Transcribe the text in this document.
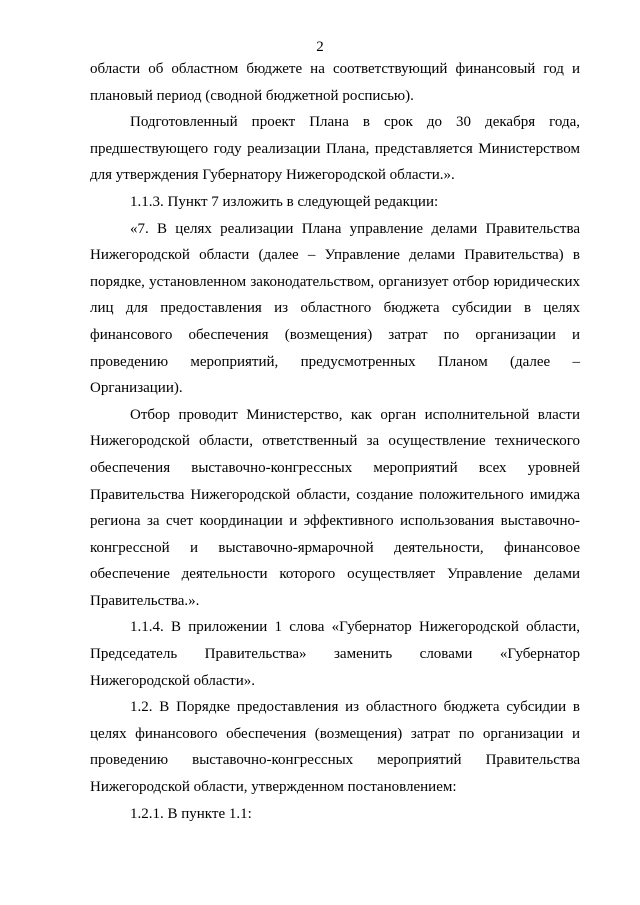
2

области об областном бюджете на соответствующий финансовый год и плановый период (сводной бюджетной росписью).

Подготовленный проект Плана в срок до 30 декабря года, предшествующего году реализации Плана, представляется Министерством для утверждения Губернатору Нижегородской области.».

1.1.3. Пункт 7 изложить в следующей редакции:

«7. В целях реализации Плана управление делами Правительства Нижегородской области (далее – Управление делами Правительства) в порядке, установленном законодательством, организует отбор юридических лиц для предоставления из областного бюджета субсидии в целях финансового обеспечения (возмещения) затрат по организации и проведению мероприятий, предусмотренных Планом (далее – Организации).

Отбор проводит Министерство, как орган исполнительной власти Нижегородской области, ответственный за осуществление технического обеспечения выставочно-конгрессных мероприятий всех уровней Правительства Нижегородской области, создание положительного имиджа региона за счет координации и эффективного использования выставочно-конгрессной и выставочно-ярмарочной деятельности, финансовое обеспечение деятельности которого осуществляет Управление делами Правительства.».

1.1.4. В приложении 1 слова «Губернатор Нижегородской области, Председатель Правительства» заменить словами «Губернатор Нижегородской области».

1.2. В Порядке предоставления из областного бюджета субсидии в целях финансового обеспечения (возмещения) затрат по организации и проведению выставочно-конгрессных мероприятий Правительства Нижегородской области, утвержденном постановлением:

1.2.1. В пункте 1.1:
